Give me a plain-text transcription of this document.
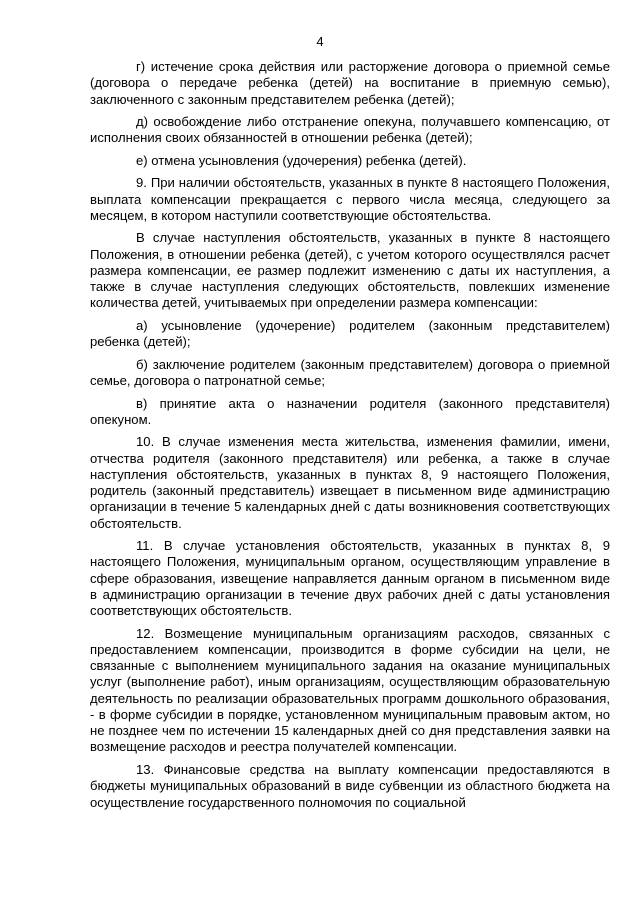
4

г) истечение срока действия или расторжение договора о приемной семье (договора о передаче ребенка (детей) на воспитание в приемную семью), заключенного с законным представителем ребенка (детей);

д) освобождение либо отстранение опекуна, получавшего компенсацию, от исполнения своих обязанностей в отношении ребенка (детей);

е) отмена усыновления (удочерения) ребенка (детей).

9. При наличии обстоятельств, указанных в пункте 8 настоящего Положения, выплата компенсации прекращается с первого числа месяца, следующего за месяцем, в котором наступили соответствующие обстоятельства.

В случае наступления обстоятельств, указанных в пункте 8 настоящего Положения, в отношении ребенка (детей), с учетом которого осуществлялся расчет размера компенсации, ее размер подлежит изменению с даты их наступления, а также в случае наступления следующих обстоятельств, повлекших изменение количества детей, учитываемых при определении размера компенсации:

а) усыновление (удочерение) родителем (законным представителем) ребенка (детей);

б) заключение родителем (законным представителем) договора о приемной семье, договора о патронатной семье;

в) принятие акта о назначении родителя (законного представителя) опекуном.

10. В случае изменения места жительства, изменения фамилии, имени, отчества родителя (законного представителя) или ребенка, а также в случае наступления обстоятельств, указанных в пунктах 8, 9 настоящего Положения, родитель (законный представитель) извещает в письменном виде администрацию организации в течение 5 календарных дней с даты возникновения соответствующих обстоятельств.

11. В случае установления обстоятельств, указанных в пунктах 8, 9 настоящего Положения, муниципальным органом, осуществляющим управление в сфере образования, извещение направляется данным органом в письменном виде в администрацию организации в течение двух рабочих дней с даты установления соответствующих обстоятельств.

12. Возмещение муниципальным организациям расходов, связанных с предоставлением компенсации, производится в форме субсидии на цели, не связанные с выполнением муниципального задания на оказание муниципальных услуг (выполнение работ), иным организациям, осуществляющим образовательную деятельность по реализации образовательных программ дошкольного образования, - в форме субсидии в порядке, установленном муниципальным правовым актом, но не позднее чем по истечении 15 календарных дней со дня представления заявки на возмещение расходов и реестра получателей компенсации.

13. Финансовые средства на выплату компенсации предоставляются в бюджеты муниципальных образований в виде субвенции из областного бюджета на осуществление государственного полномочия по социальной
